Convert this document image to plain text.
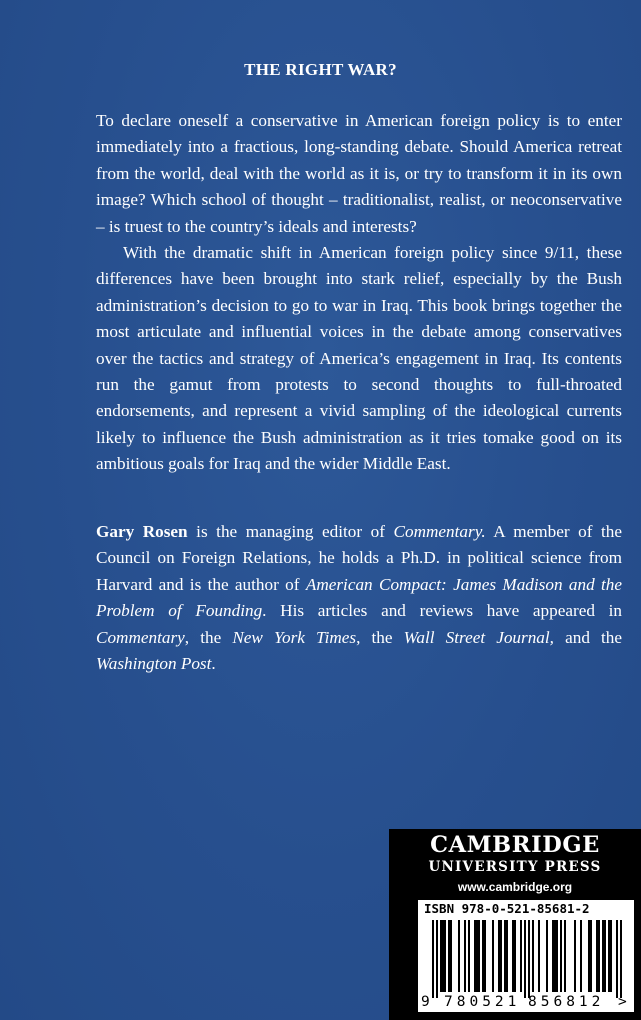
THE RIGHT WAR?

To declare oneself a conservative in American foreign policy is to enter immediately into a fractious, long-standing debate. Should America retreat from the world, deal with the world as it is, or try to transform it in its own image? Which school of thought – traditionalist, realist, or neoconservative – is truest to the country’s ideals and interests?

With the dramatic shift in American foreign policy since 9/11, these differences have been brought into stark relief, especially by the Bush administration’s decision to go to war in Iraq. This book brings together the most articulate and influential voices in the debate among conservatives over the tactics and strategy of America’s engagement in Iraq. Its contents run the gamut from protests to second thoughts to full-throated endorsements, and represent a vivid sampling of the ideological currents likely to influence the Bush administration as it tries tomake good on its ambitious goals for Iraq and the wider Middle East.

Gary Rosen is the managing editor of Commentary. A member of the Council on Foreign Relations, he holds a Ph.D. in political science from Harvard and is the author of American Compact: James Madison and the Problem of Founding. His articles and reviews have appeared in Commentary, the New York Times, the Wall Street Journal, and the Washington Post.

CAMBRIDGE
UNIVERSITY PRESS
www.cambridge.org
ISBN 978-0-521-85681-2
9 780521 856812 >
